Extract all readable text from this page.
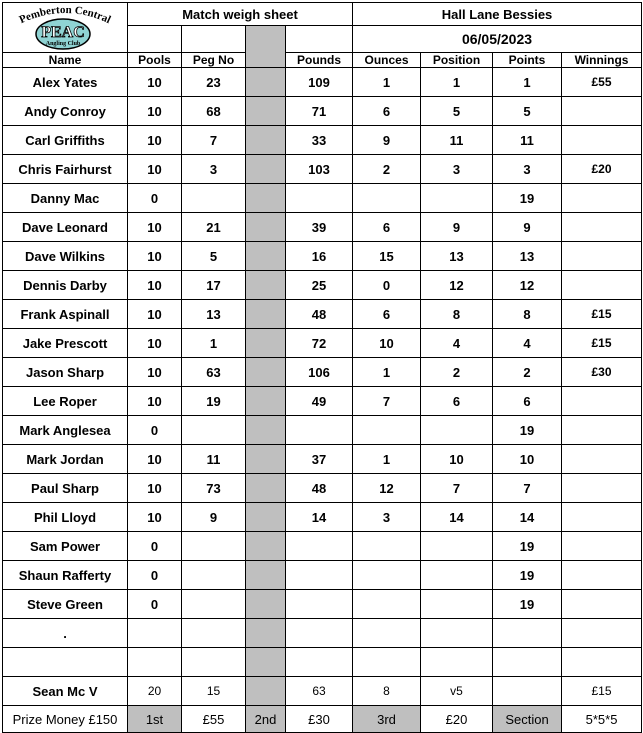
Pemberton Central
PEAC
Angling Club	Match weigh sheet				Hall Lane Bessies			
					06/05/2023			
Name	Pools	Peg No		Pounds	Ounces	Position	Points	Winnings
Alex Yates	10	23		109	1	1	1	£55
Andy Conroy	10	68		71	6	5	5	
Carl Griffiths	10	7		33	9	11	11	
Chris Fairhurst	10	3		103	2	3	3	£20
Danny Mac	0						19	
Dave Leonard	10	21		39	6	9	9	
Dave Wilkins	10	5		16	15	13	13	
Dennis Darby	10	17		25	0	12	12	
Frank Aspinall	10	13		48	6	8	8	£15
Jake Prescott	10	1		72	10	4	4	£15
Jason Sharp	10	63		106	1	2	2	£30
Lee Roper	10	19		49	7	6	6	
Mark Anglesea	0						19	
Mark Jordan	10	11		37	1	10	10	
Paul Sharp	10	73		48	12	7	7	
Phil Lloyd	10	9		14	3	14	14	
Sam Power	0						19	
Shaun Rafferty	0						19	
Steve Green	0						19	
.								

Sean Mc V	20	15		63	8	v5		£15
Prize Money £150	1st	£55	2nd	£30	3rd	£20	Section	5*5*5
